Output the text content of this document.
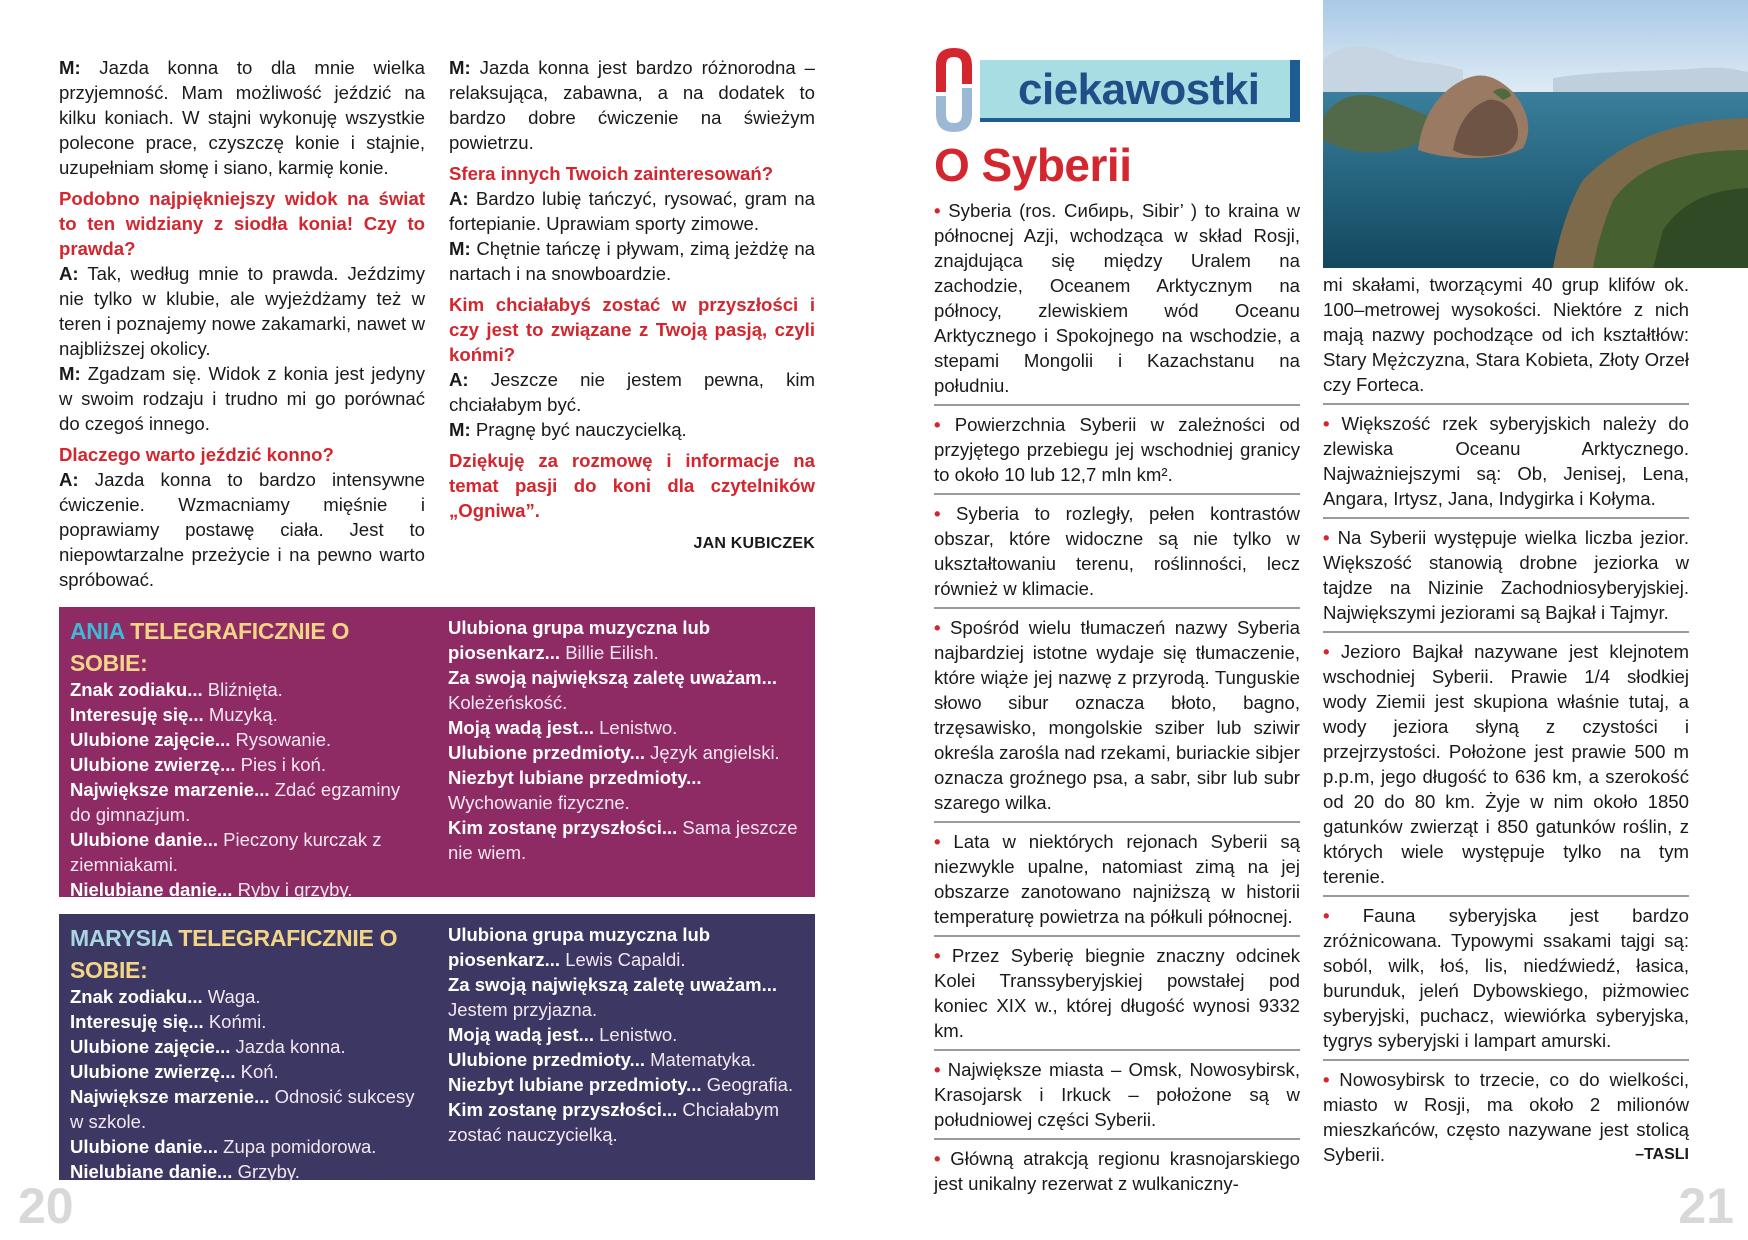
M: Jazda konna to dla mnie wielka przyjemność. Mam możliwość jeździć na kilku koniach. W stajni wykonuję wszystkie polecone prace, czyszczę konie i stajnie, uzupełniam słomę i siano, karmię konie.

Podobno najpiękniejszy widok na świat to ten widziany z siodła konia! Czy to prawda?

A: Tak, według mnie to prawda. Jeździmy nie tylko w klubie, ale wyjeżdżamy też w teren i poznajemy nowe zakamarki, nawet w najbliższej okolicy.

M: Zgadzam się. Widok z konia jest jedyny w swoim rodzaju i trudno mi go porównać do czegoś innego.

Dlaczego warto jeździć konno?

A: Jazda konna to bardzo intensywne ćwiczenie. Wzmacniamy mięśnie i poprawiamy postawę ciała. Jest to niepowtarzalne przeżycie i na pewno warto spróbować.

M: Jazda konna jest bardzo różnorodna – relaksująca, zabawna, a na dodatek to bardzo dobre ćwiczenie na świeżym powietrzu.

Sfera innych Twoich zainteresowań?

A: Bardzo lubię tańczyć, rysować, gram na fortepianie. Uprawiam sporty zimowe.

M: Chętnie tańczę i pływam, zimą jeżdżę na nartach i na snowboardzie.

Kim chciałabyś zostać w przyszłości i czy jest to związane z Twoją pasją, czyli końmi?

A: Jeszcze nie jestem pewna, kim chciałabym być.

M: Pragnę być nauczycielką.

Dziękuję za rozmowę i informacje na temat pasji do koni dla czytelników „Ogniwa”.

JAN KUBICZEK

ANIA TELEGRAFICZNIE O SOBIE:
Znak zodiaku... Bliźnięta.
Interesuję się... Muzyką.
Ulubione zajęcie... Rysowanie.
Ulubione zwierzę... Pies i koń.
Największe marzenie... Zdać egzaminy do gimnazjum.
Ulubione danie... Pieczony kurczak z ziemniakami.
Nielubiane danie... Ryby i grzyby.
Ulubiona grupa muzyczna lub piosenkarz... Billie Eilish.
Za swoją największą zaletę uważam... Koleżeńskość.
Moją wadą jest... Lenistwo.
Ulubione przedmioty... Język angielski.
Niezbyt lubiane przedmioty... Wychowanie fizyczne.
Kim zostanę przyszłości... Sama jeszcze nie wiem.
MARYSIA TELEGRAFICZNIE O SOBIE:
Znak zodiaku... Waga.
Interesuję się... Końmi.
Ulubione zajęcie... Jazda konna.
Ulubione zwierzę... Koń.
Największe marzenie... Odnosić sukcesy w szkole.
Ulubione danie... Zupa pomidorowa.
Nielubiane danie... Grzyby.
Ulubiona grupa muzyczna lub piosenkarz... Lewis Capaldi.
Za swoją największą zaletę uważam... Jestem przyjazna.
Moją wadą jest... Lenistwo.
Ulubione przedmioty... Matematyka.
Niezbyt lubiane przedmioty... Geografia.
Kim zostanę przyszłości... Chciałabym zostać nauczycielką.
20
ciekawostki
O Syberii
• Syberia (ros. Сибирь, Sibir’ ) to kraina w północnej Azji, wchodząca w skład Rosji, znajdująca się między Uralem na zachodzie, Oceanem Arktycznym na północy, zlewiskiem wód Oceanu Arktycznego i Spokojnego na wschodzie, a stepami Mongolii i Kazachstanu na południu.
• Powierzchnia Syberii w zależności od przyjętego przebiegu jej wschodniej granicy to około 10 lub 12,7 mln km².
• Syberia to rozległy, pełen kontrastów obszar, które widoczne są nie tylko w ukształtowaniu terenu, roślinności, lecz również w klimacie.
• Spośród wielu tłumaczeń nazwy Syberia najbardziej istotne wydaje się tłumaczenie, które wiąże jej nazwę z przyrodą. Tunguskie słowo sibur oznacza błoto, bagno, trzęsawisko, mongolskie sziber lub sziwir określa zarośla nad rzekami, buriackie sibjer oznacza groźnego psa, a sabr, sibr lub subr szarego wilka.
• Lata w niektórych rejonach Syberii są niezwykle upalne, natomiast zimą na jej obszarze zanotowano najniższą w historii temperaturę powietrza na półkuli północnej.
• Przez Syberię biegnie znaczny odcinek Kolei Transsyberyjskiej powstałej pod koniec XIX w., której długość wynosi 9332 km.
• Największe miasta – Omsk, Nowosybirsk, Krasojarsk i Irkuck – położone są w południowej części Syberii.
• Główną atrakcją regionu krasnojarskiego jest unikalny rezerwat z wulkaniczny-
mi skałami, tworzącymi 40 grup klifów ok. 100–metrowej wysokości. Niektóre z nich mają nazwy pochodzące od ich kształtłów: Stary Mężczyzna, Stara Kobieta, Złoty Orzeł czy Forteca.
• Większość rzek syberyjskich należy do zlewiska Oceanu Arktycznego. Najważniejszymi są: Ob, Jenisej, Lena, Angara, Irtysz, Jana, Indygirka i Kołyma.
• Na Syberii występuje wielka liczba jezior. Większość stanowią drobne jeziorka w tajdze na Nizinie Zachodniosyberyjskiej. Największymi jeziorami są Bajkał i Tajmyr.
• Jezioro Bajkał nazywane jest klejnotem wschodniej Syberii. Prawie 1/4 słodkiej wody Ziemii jest skupiona właśnie tutaj, a wody jeziora słyną z czystości i przejrzystości. Położone jest prawie 500 m p.p.m, jego długość to 636 km, a szerokość od 20 do 80 km. Żyje w nim około 1850 gatunków zwierząt i 850 gatunków roślin, z których wiele występuje tylko na tym terenie.
• Fauna syberyjska jest bardzo zróżnicowana. Typowymi ssakami tajgi są: soból, wilk, łoś, lis, niedźwiedź, łasica, burunduk, jeleń Dybowskiego, piżmowiec syberyjski, puchacz, wiewiórka syberyjska, tygrys syberyjski i lampart amurski.
• Nowosybirsk to trzecie, co do wielkości, miasto w Rosji, ma około 2 milionów mieszkańców, często nazywane jest stolicą Syberii.	–TASLI
21
